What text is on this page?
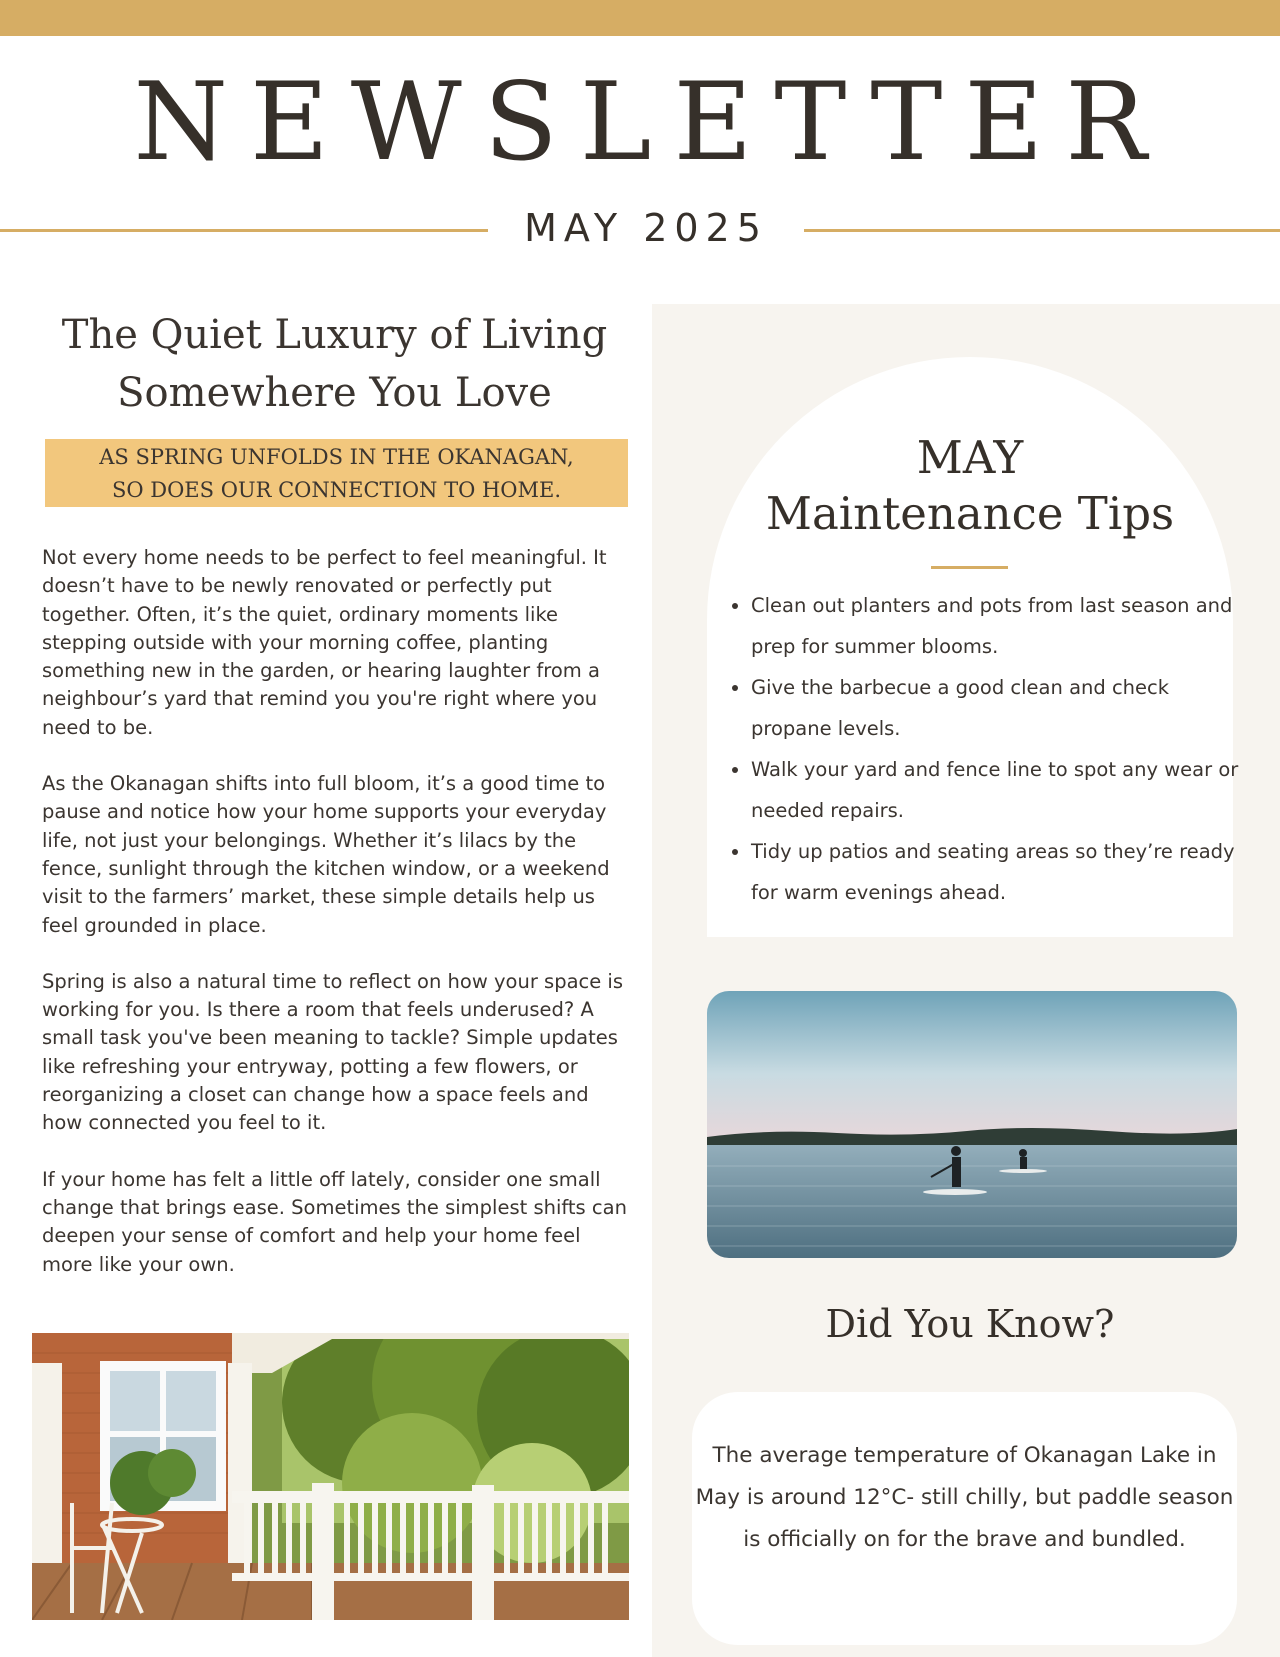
NEWSLETTER
MAY 2025
The Quiet Luxury of Living Somewhere You Love
AS SPRING UNFOLDS IN THE OKANAGAN,
SO DOES OUR CONNECTION TO HOME.

Not every home needs to be perfect to feel meaningful. It doesn’t have to be newly renovated or perfectly put together. Often, it’s the quiet, ordinary moments like stepping outside with your morning coffee, planting something new in the garden, or hearing laughter from a neighbour’s yard that remind you you're right where you need to be.

As the Okanagan shifts into full bloom, it’s a good time to pause and notice how your home supports your everyday life, not just your belongings. Whether it’s lilacs by the fence, sunlight through the kitchen window, or a weekend visit to the farmers’ market, these simple details help us feel grounded in place.

Spring is also a natural time to reflect on how your space is working for you. Is there a room that feels underused? A small task you've been meaning to tackle? Simple updates like refreshing your entryway, potting a few flowers, or reorganizing a closet can change how a space feels and how connected you feel to it.

If your home has felt a little off lately, consider one small change that brings ease. Sometimes the simplest shifts can deepen your sense of comfort and help your home feel more like your own.

MAY
Maintenance Tips
• Clean out planters and pots from last season and prep for summer blooms.
• Give the barbecue a good clean and check propane levels.
• Walk your yard and fence line to spot any wear or needed repairs.
• Tidy up patios and seating areas so they’re ready for warm evenings ahead.
Did You Know?
The average temperature of Okanagan Lake in May is around 12°C- still chilly, but paddle season is officially on for the brave and bundled.
